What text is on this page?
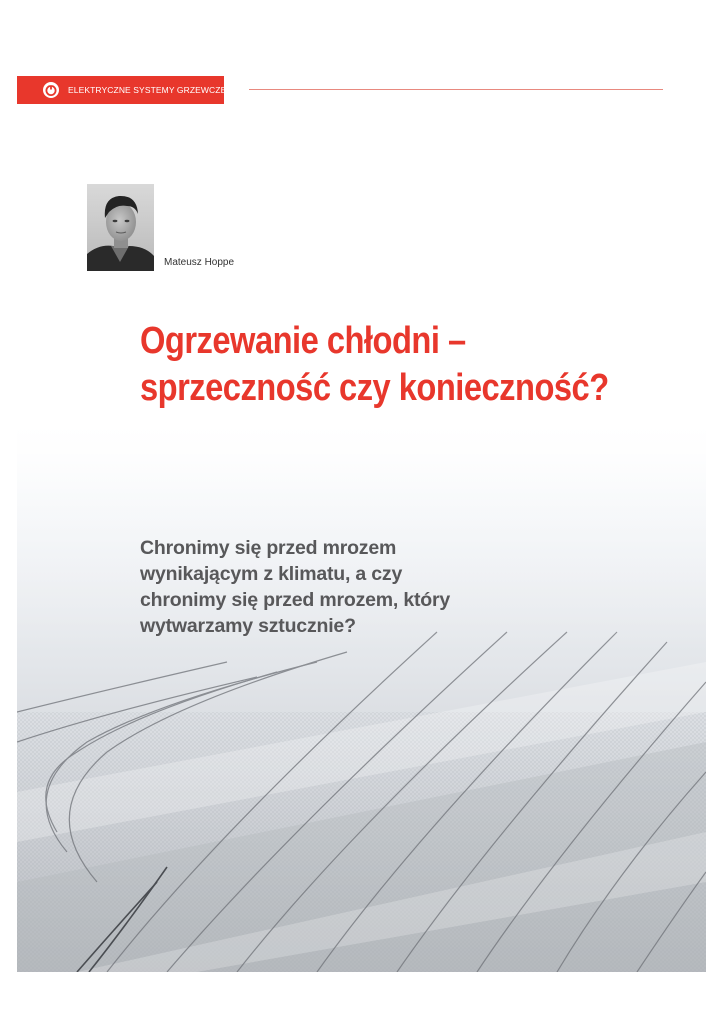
ELEKTRYCZNE SYSTEMY GRZEWCZE
Mateusz Hoppe
Ogrzewanie chłodni –
sprzeczność czy konieczność?
Chronimy się przed mrozem
wynikającym z klimatu, a czy
chronimy się przed mrozem, który
wytwarzamy sztucznie?
